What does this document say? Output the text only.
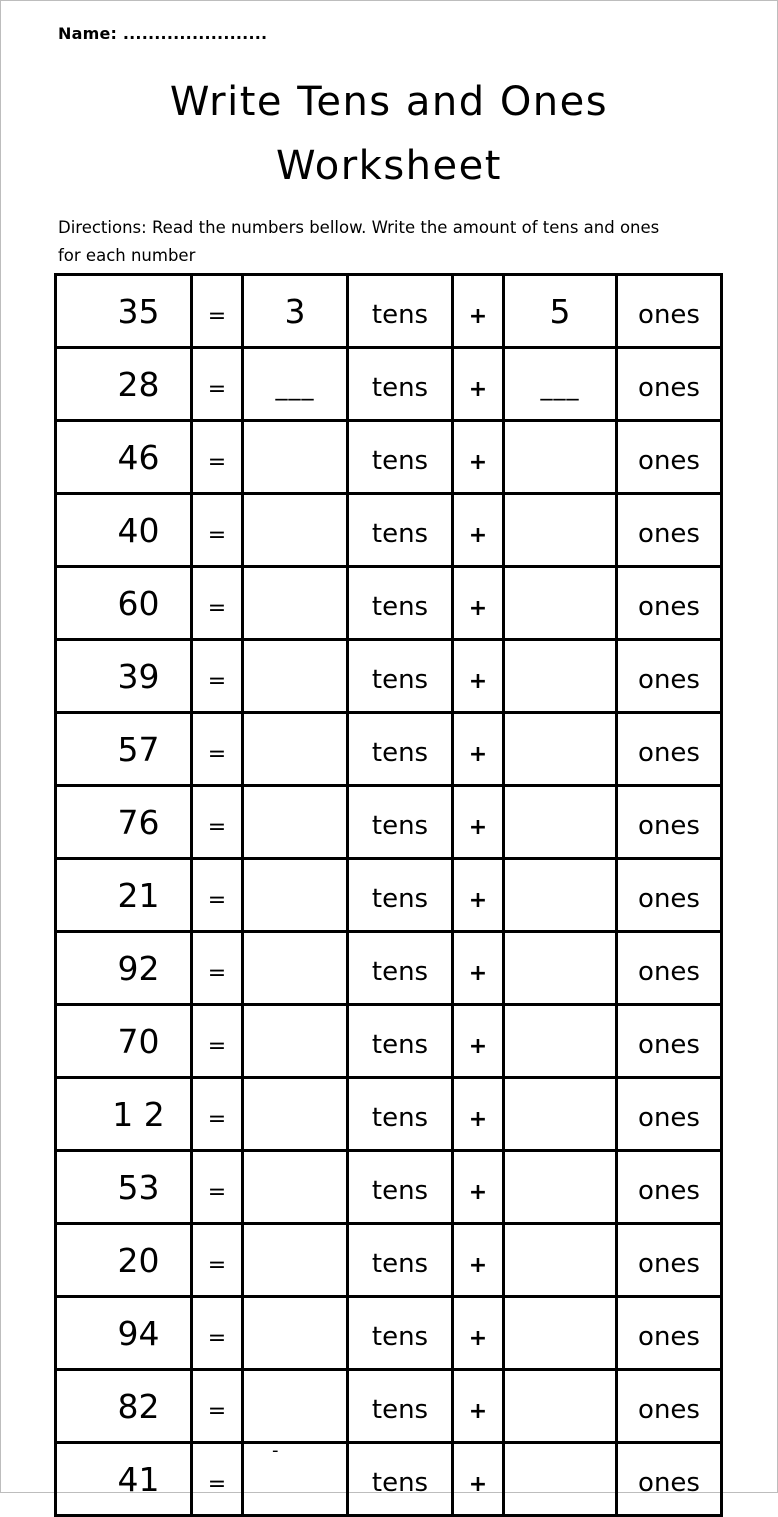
Name: .......................
Write Tens and Ones
Worksheet
Directions: Read the numbers bellow. Write the amount of tens and ones
for each number
35	=	3	tens	+	5	ones
28	=	___	tens	+	___	ones
46	=		tens	+		ones
40	=		tens	+		ones
60	=		tens	+		ones
39	=		tens	+		ones
57	=		tens	+		ones
76	=		tens	+		ones
21	=		tens	+		ones
92	=		tens	+		ones
70	=		tens	+		ones
1 2	=		tens	+		ones
53	=		tens	+		ones
20	=		tens	+		ones
94	=		tens	+		ones
82	=		tens	+		ones
41	=		tens	+		ones
-
